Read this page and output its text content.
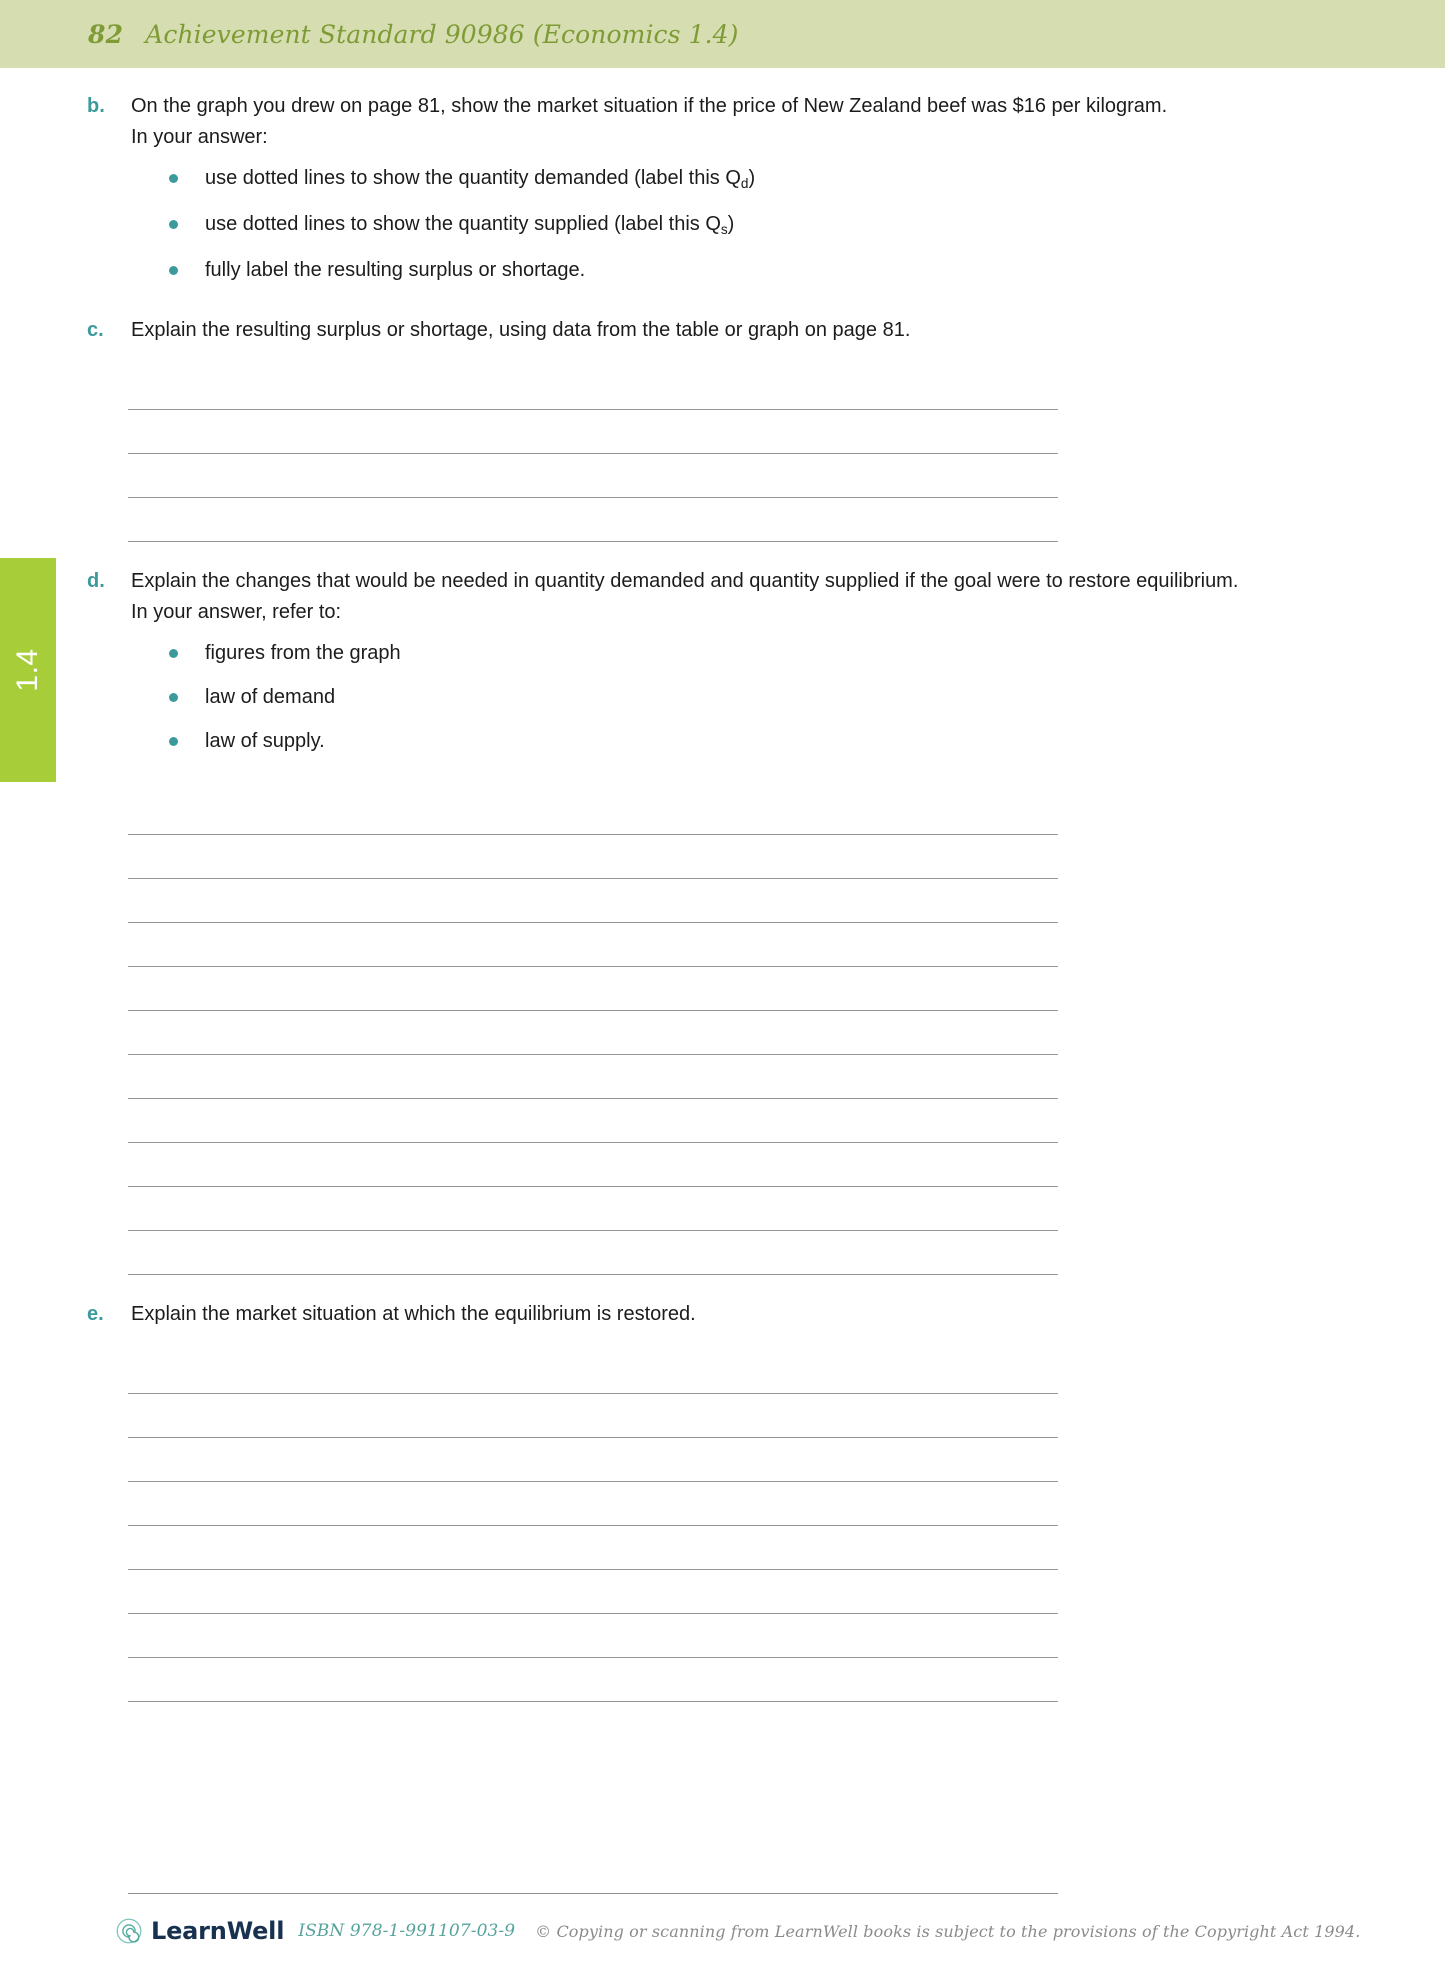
82 Achievement Standard 90986 (Economics 1.4)
1.4
b.	On the graph you drew on page 81, show the market situation if the price of New Zealand beef was $16 per kilogram.
In your answer:
use dotted lines to show the quantity demanded (label this $Q_d$)
use dotted lines to show the quantity supplied (label this $Q_s$)
fully label the resulting surplus or shortage.
c.	Explain the resulting surplus or shortage, using data from the table or graph on page 81.
d.	Explain the changes that would be needed in quantity demanded and quantity supplied if the goal were to restore equilibrium.
In your answer, refer to:
figures from the graph
law of demand
law of supply.
e.	Explain the market situation at which the equilibrium is restored.
LearnWell ISBN 978-1-991107-03-9 © Copying or scanning from LearnWell books is subject to the provisions of the Copyright Act 1994.
